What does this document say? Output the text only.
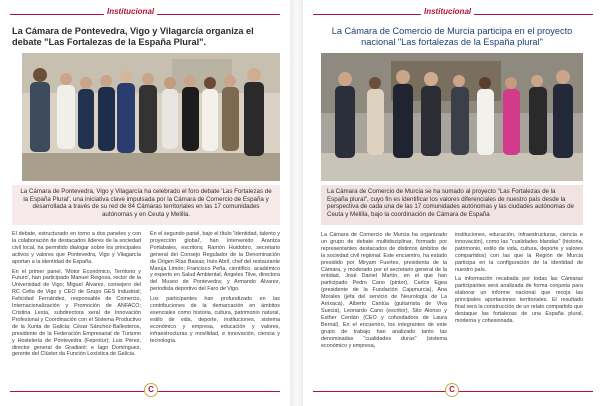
Institucional
La Cámara de Pontevedra, Vigo y Vilagarcía organiza el debate "Las Fortalezas de la España Plural".
La Cámara de Pontevedra, Vigo y Vilagarcía ha celebrado el foro debate 'Las Fortalezas de la España Plural', una iniciativa clave impulsada por la Cámara de Comercio de España y desarrollada a través de su red de 84 Cámaras territoriales en las 17 comunidades autónomas y en Ceuta y Melilla.

El debate, estructurado en torno a dos paneles y con la colaboración de destacados líderes de la sociedad civil local, ha permitido dialogar sobre los principales activos y valores que Pontevedra, Vigo y Vilagarcía aportan a la identidad de España.

En el primer panel, 'Motor Económico, Territorio y Futuro', han participado Manuel Reigosa, rector de la Universidad de Vigo; Miguel Álvarez, consejero del RC Celta de Vigo y CEO de Grupo GES Industrial; Felicidad Fernández, responsable de Comercio, Internacionalización y Promoción de ANFACO; Cristina Lesta, subdirectora xeral de Innovación Profesional y Coordinación con el Sistema Productivo de la Xunta de Galicia; César Sánchez-Ballesteros, presidente de la Federación Empresarial de Turismo y Hostelería de Pontevedra (Feprotur); Luis Pérez, director general de Gradiant; e Íago Domínguez, gerente del Clúster da Función Loxística de Galicia.

En el segundo panel, bajo el título 'Identidad, talento y proyección global', han intervenido Arantza Portabales, escritora; Ramón Huidobro, secretario general del Consejo Regulador de la Denominación de Origen Rías Baixas; Inés Abril, chef del restaurante Maruja Limón; Francisco Peña, científico, académico y experto en Salud Ambiental; Ángeles Tilve, directora del Museo de Pontevedra; y Armando Álvarez, periodista deportivo del Faro de Vigo.

Los participantes han profundizado en las contribuciones de la demarcación en ámbitos esenciales como historia, cultura, patrimonio natural, estilo de vida, deporte, instituciones, sistema económico y empresa, educación y valores, infraestructuras y movilidad, e innovación, ciencia y tecnología.

C
Institucional
La Cámara de Comercio de Murcia participa en el proyecto nacional "Las fortalezas de la España plural"
La Cámara de Comercio de Murcia se ha sumado al proyecto "Las Fortalezas de la España plural", cuyo fin es identificar los valores diferenciales de nuestro país desde la perspectiva de cada una de las 17 comunidades autónomas y las ciudades autónomas de Ceuta y Melilla, bajo la coordinación de Cámara de España

La Cámara de Comercio de Murcia ha organizado un grupo de debate multidisciplinar, formado por representantes destacados de distintos ámbitos de la sociedad civil regional. Este encuentro, ha estado presidido por Miryam Fuertes, presidenta de la Cámara, y moderado por el secretario general de la entidad, José Daniel Martín, en el que han participado Pedro Cano (pintor), Carlos Egea (presidente de la Fundación Cajamurcia), Ana Morales (jefa del servicio de Neurología de La Arrixaca), Alberto Cantúa (guitarrista de Viva Suecia), Leonardo Cano (escritor), Sito Alonso y Esther Cerdán (CEO y cofundadora de Laura Bernal). En el encuentro, los integrantes de este grupo de trabajo han analizado tanto las denominadas "cualidades duras" (sistema económico y empresa,

instituciones, educación, infraestructuras, ciencia e innovación), como las "cualidades blandas" (historia, patrimonio, estilo de vida, cultura, deporte y valores compartidos) con las que la Región de Murcia participa en la configuración de la identidad de nuestro país.

La información recabada por todas las Cámaras participantes será analizada de forma conjunta para elaborar un informe nacional que recoja las principales aportaciones territoriales. El resultado final será la construcción de un relato compartido que destaque las fortalezas de una España plural, moderna y cohesionada.

C
